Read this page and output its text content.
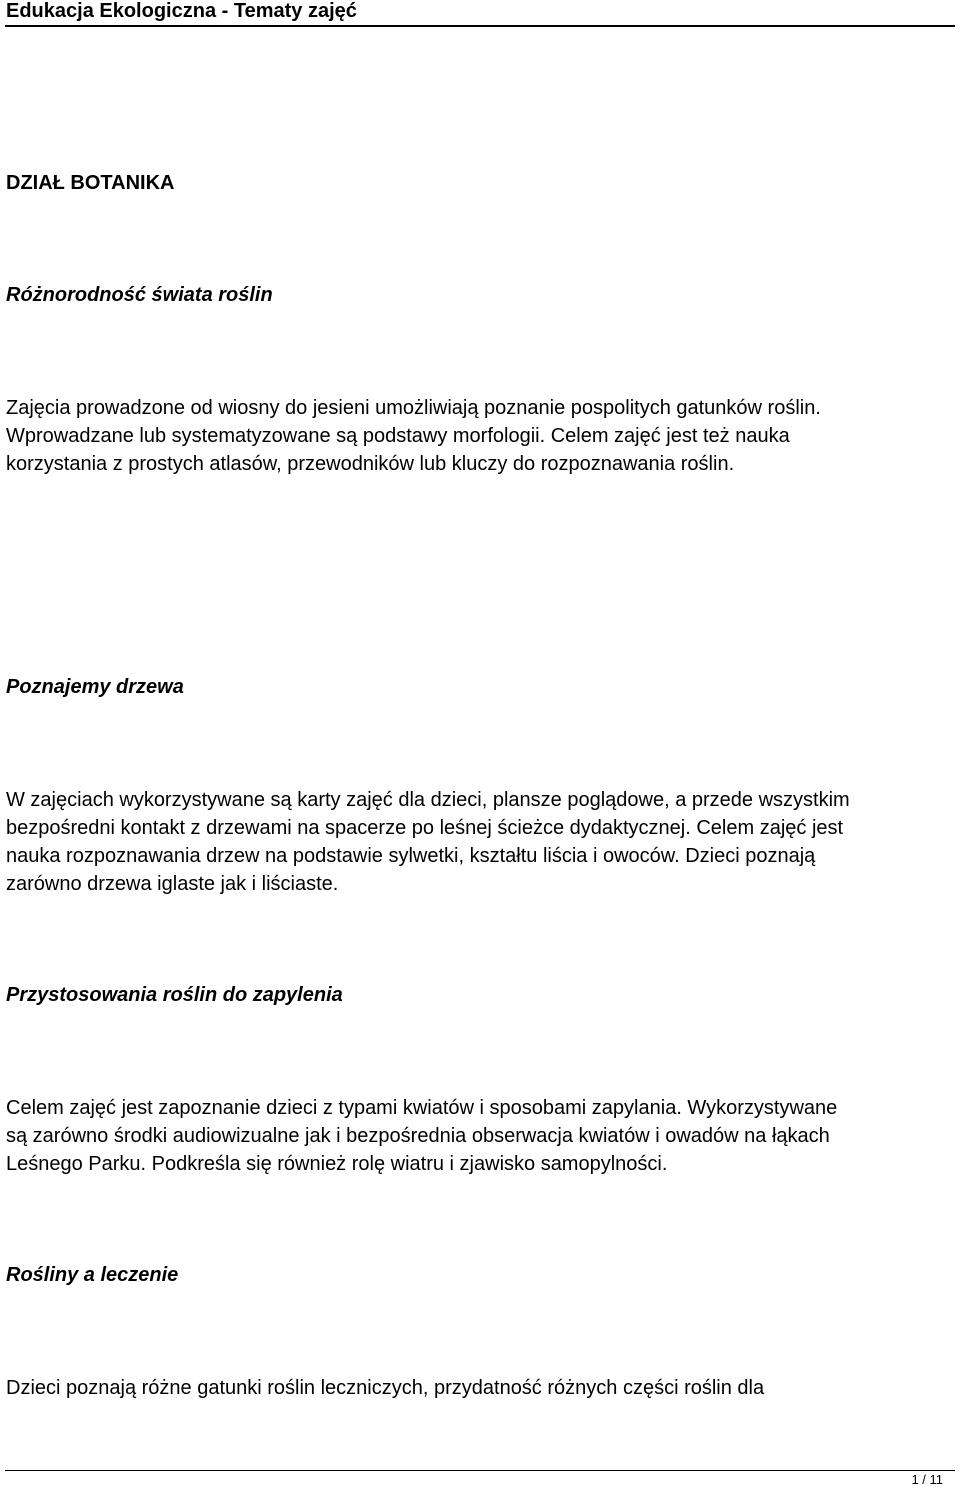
Edukacja Ekologiczna - Tematy zajęć
DZIAŁ BOTANIKA
Różnorodność świata roślin
Zajęcia prowadzone od wiosny do jesieni umożliwiają poznanie pospolitych gatunków roślin.
Wprowadzane lub systematyzowane są podstawy morfologii. Celem zajęć jest też nauka
korzystania z prostych atlasów, przewodników lub kluczy do rozpoznawania roślin.
Poznajemy drzewa
W zajęciach wykorzystywane są karty zajęć dla dzieci, plansze poglądowe, a przede wszystkim
bezpośredni kontakt z drzewami na spacerze po leśnej ścieżce dydaktycznej. Celem zajęć jest
nauka rozpoznawania drzew na podstawie sylwetki, kształtu liścia i owoców. Dzieci poznają
zarówno drzewa iglaste jak i liściaste.
Przystosowania roślin do zapylenia
Celem zajęć jest zapoznanie dzieci z typami kwiatów i sposobami zapylania. Wykorzystywane
są zarówno środki audiowizualne jak i bezpośrednia obserwacja kwiatów i owadów na łąkach
Leśnego Parku. Podkreśla się również rolę wiatru i zjawisko samopylności.
Rośliny a leczenie
Dzieci poznają różne gatunki roślin leczniczych, przydatność różnych części roślin dla
1 / 11
